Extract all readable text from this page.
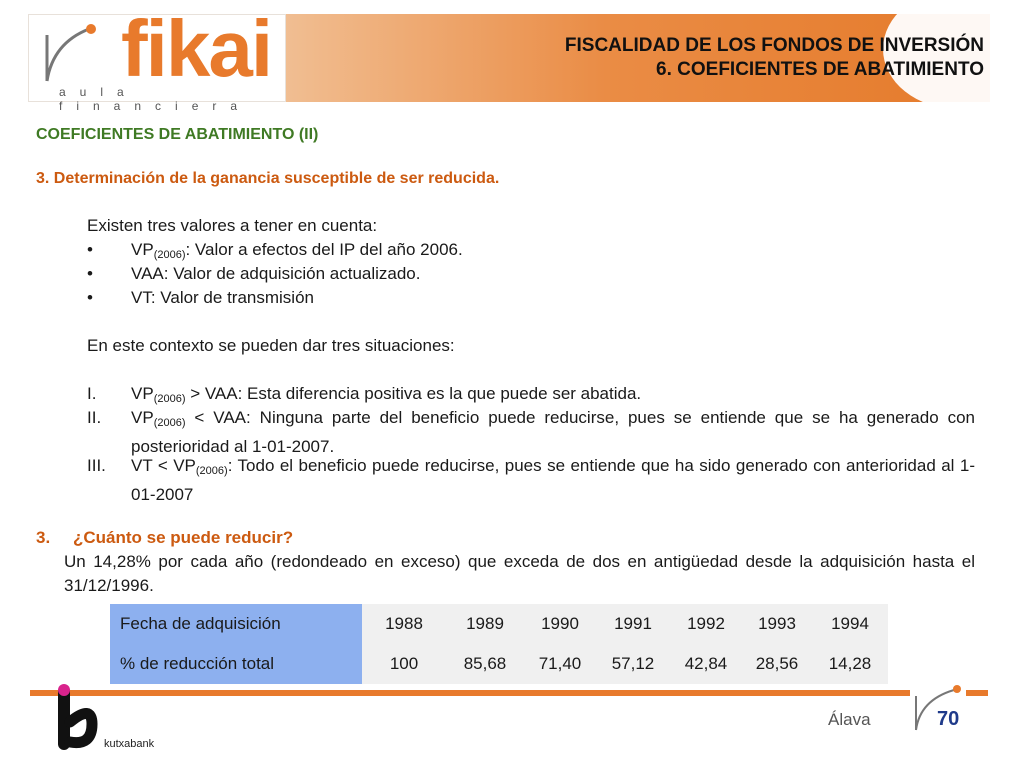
fikai
aula financiera
FISCALIDAD DE LOS FONDOS DE INVERSIÓN
6. COEFICIENTES DE ABATIMIENTO
COEFICIENTES DE ABATIMIENTO (II)
3. Determinación de la ganancia susceptible de ser reducida.
Existen tres valores a tener en cuenta:
• $VP_{(2006)}$: Valor a efectos del IP del año 2006.
• VAA: Valor de adquisición actualizado.
• VT: Valor de transmisión
En este contexto se pueden dar tres situaciones:
I. $VP_{(2006)}$ > VAA: Esta diferencia positiva es la que puede ser abatida.
II. $VP_{(2006)}$ < VAA: Ninguna parte del beneficio puede reducirse, pues se entiende que se ha generado con posterioridad al 1-01-2007.
III. VT < $VP_{(2006)}$: Todo el beneficio puede reducirse, pues se entiende que ha sido generado con anterioridad al 1-01-2007
3. ¿Cuánto se puede reducir?
Un 14,28% por cada año (redondeado en exceso) que exceda de dos en antigüedad desde la adquisición hasta el 31/12/1996.
Fecha de adquisición	1988	1989	1990	1991	1992	1993	1994
% de reducción total	100	85,68	71,40	57,12	42,84	28,56	14,28
kutxabank
Álava	70
